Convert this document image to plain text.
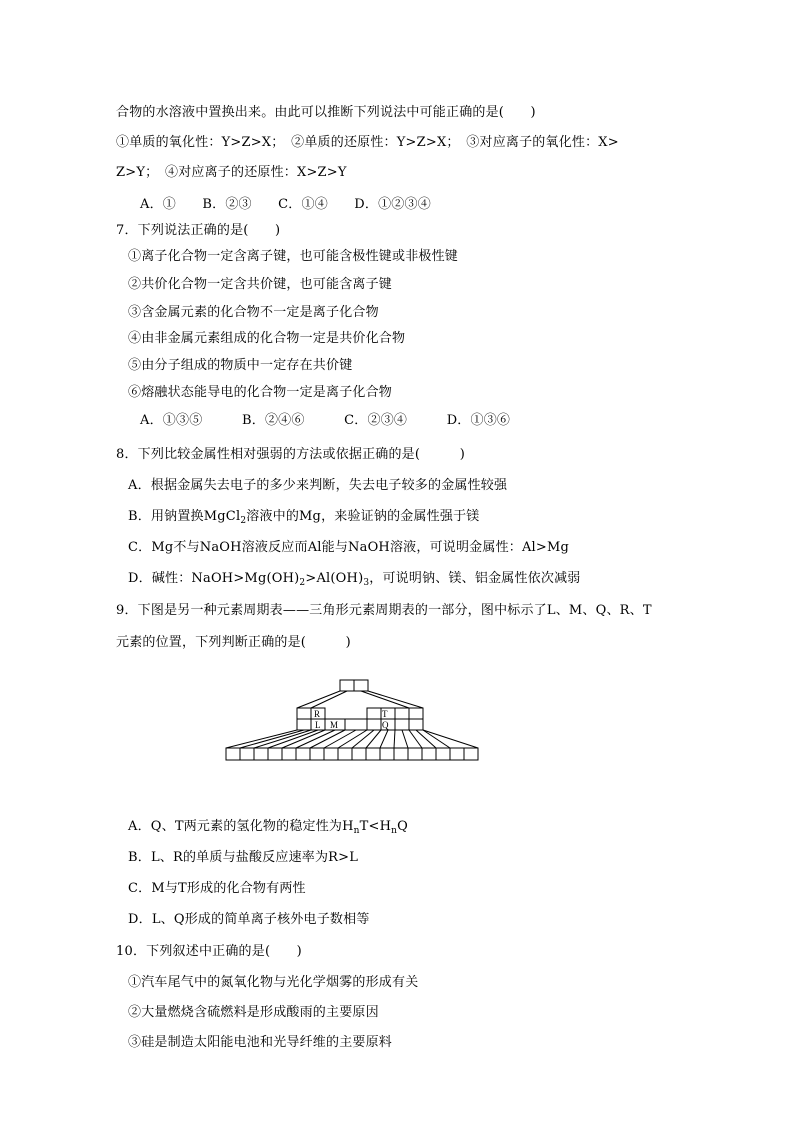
合物的水溶液中置换出来。由此可以推断下列说法中可能正确的是(　　)
①单质的氧化性：Y>Z>X；　②单质的还原性：Y>Z>X；　③对应离子的氧化性：X>
Z>Y；　④对应离子的还原性：X>Z>Y
A．①　　B．②③　　C．①④　　D．①②③④
7．下列说法正确的是(　　)
①离子化合物一定含离子键，也可能含极性键或非极性键
②共价化合物一定含共价键，也可能含离子键
③含金属元素的化合物不一定是离子化合物
④由非金属元素组成的化合物一定是共价化合物
⑤由分子组成的物质中一定存在共价键
⑥熔融状态能导电的化合物一定是离子化合物
A．①③⑤　　　B．②④⑥　　　C．②③④　　　D．①③⑥
8．下列比较金属性相对强弱的方法或依据正确的是(　　　)
A．根据金属失去电子的多少来判断，失去电子较多的金属性较强
B．用钠置换MgCl$_2$溶液中的Mg，来验证钠的金属性强于镁
C．Mg不与NaOH溶液反应而Al能与NaOH溶液，可说明金属性：Al>Mg
D．碱性：$NaOH>Mg(OH)_2>Al(OH)_3$，可说明钠、镁、铝金属性依次减弱
9．下图是另一种元素周期表——三角形元素周期表的一部分，图中标示了L、M、Q、R、T
元素的位置，下列判断正确的是(　　　)
R
L M
T
Q
A．Q、T两元素的氢化物的稳定性为$H_nT<H_nQ$
B．L、R的单质与盐酸反应速率为R>L
C．M与T形成的化合物有两性
D．L、Q形成的简单离子核外电子数相等
10．下列叙述中正确的是(　　)
①汽车尾气中的氮氧化物与光化学烟雾的形成有关
②大量燃烧含硫燃料是形成酸雨的主要原因
③硅是制造太阳能电池和光导纤维的主要原料
